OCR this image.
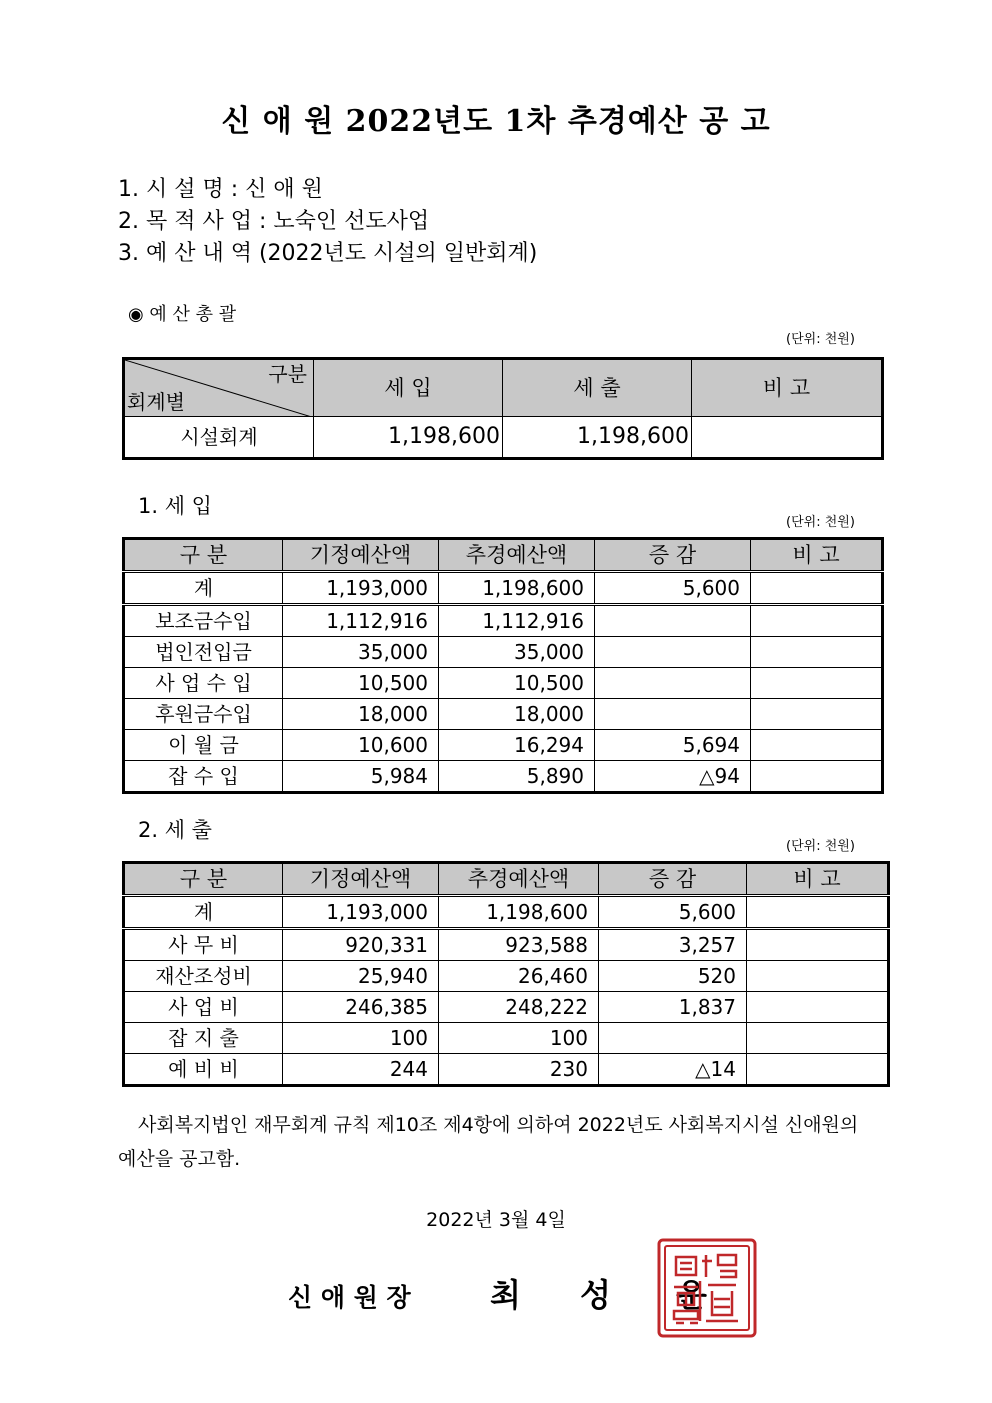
신 애 원 2022년도 1차 추경예산 공 고
1. 시 설 명 : 신 애 원
2. 목 적 사 업 : 노숙인 선도사업
3. 예 산 내 역 (2022년도 시설의 일반회계)
◉ 예 산 총 괄
(단위: 천원)
구분
회계별	세 입	세 출	비 고
시설회계	1,198,600	1,198,600	
1. 세 입
(단위: 천원)
구 분	기정예산액	추경예산액	증 감	비 고
계	1,193,000	1,198,600	5,600	
보조금수입	1,112,916	1,112,916		
법인전입금	35,000	35,000		
사 업 수 입	10,500	10,500		
후원금수입	18,000	18,000		
이 월 금	10,600	16,294	5,694	
잡 수 입	5,984	5,890	△94	
2. 세 출
(단위: 천원)
구 분	기정예산액	추경예산액	증 감	비 고
계	1,193,000	1,198,600	5,600	
사 무 비	920,331	923,588	3,257	
재산조성비	25,940	26,460	520	
사 업 비	246,385	248,222	1,837	
잡 지 출	100	100		
예 비 비	244	230	△14	
사회복지법인 재무회계 규칙 제10조 제4항에 의하여 2022년도 사회복지시설 신애원의 예산을 공고함.
2022년 3월 4일
신 애 원 장 최 성 운
